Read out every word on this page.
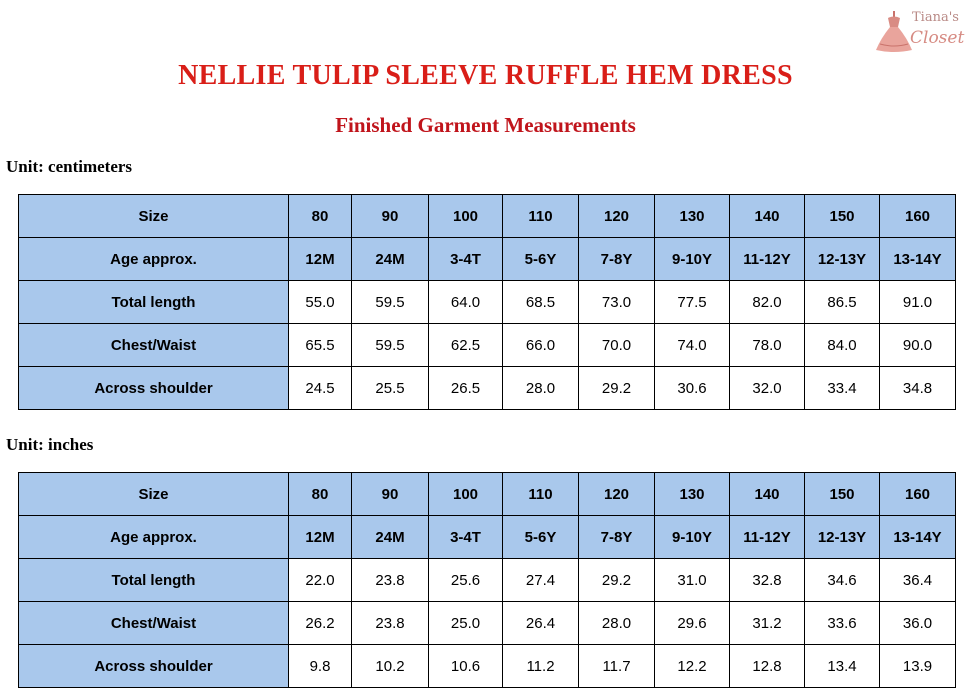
Tiana's
Closet
NELLIE TULIP SLEEVE RUFFLE HEM DRESS
Finished Garment Measurements
Unit: centimeters
Size	80	90	100	110	120	130	140	150	160
Age approx.	12M	24M	3-4T	5-6Y	7-8Y	9-10Y	11-12Y	12-13Y	13-14Y
Total length	55.0	59.5	64.0	68.5	73.0	77.5	82.0	86.5	91.0
Chest/Waist	65.5	59.5	62.5	66.0	70.0	74.0	78.0	84.0	90.0
Across shoulder	24.5	25.5	26.5	28.0	29.2	30.6	32.0	33.4	34.8
Unit: inches
Size	80	90	100	110	120	130	140	150	160
Age approx.	12M	24M	3-4T	5-6Y	7-8Y	9-10Y	11-12Y	12-13Y	13-14Y
Total length	22.0	23.8	25.6	27.4	29.2	31.0	32.8	34.6	36.4
Chest/Waist	26.2	23.8	25.0	26.4	28.0	29.6	31.2	33.6	36.0
Across shoulder	9.8	10.2	10.6	11.2	11.7	12.2	12.8	13.4	13.9
